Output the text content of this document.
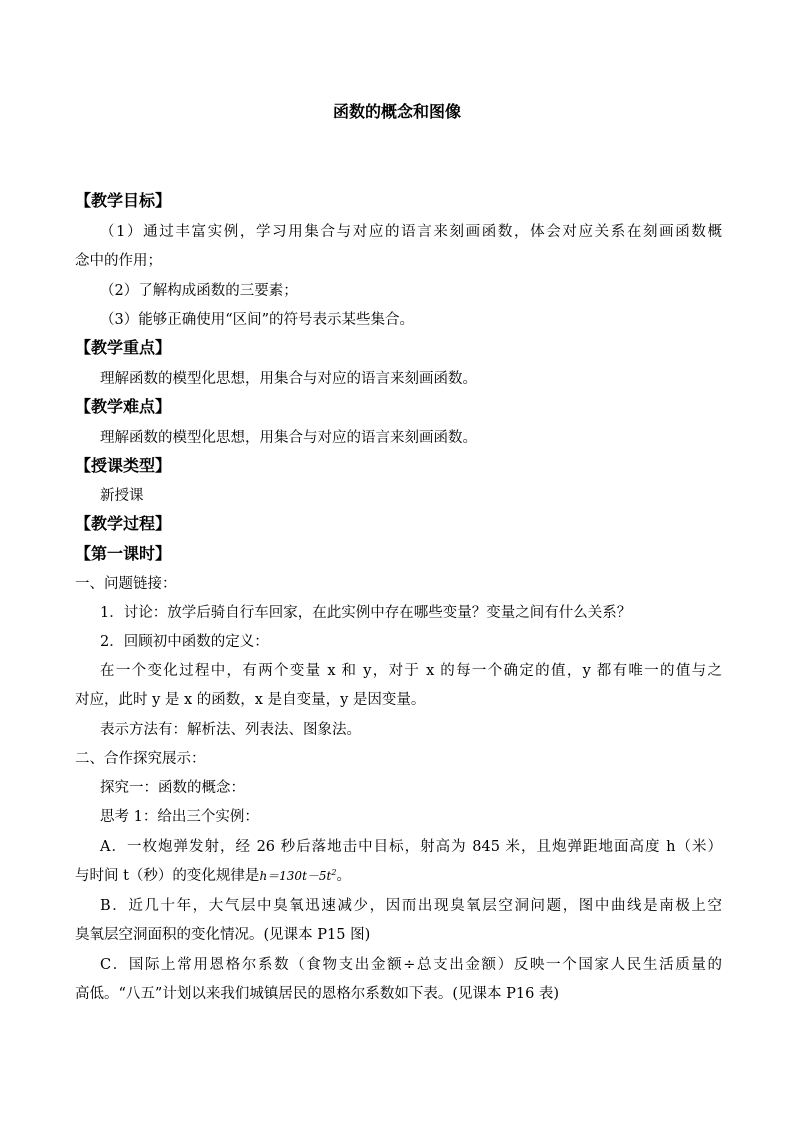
函数的概念和图像
【教学目标】
（1）通过丰富实例，学习用集合与对应的语言来刻画函数，体会对应关系在刻画函数概
念中的作用；
（2）了解构成函数的三要素；
（3）能够正确使用“区间”的符号表示某些集合。
【教学重点】
理解函数的模型化思想，用集合与对应的语言来刻画函数。
【教学难点】
理解函数的模型化思想，用集合与对应的语言来刻画函数。
【授课类型】
新授课
【教学过程】
【第一课时】
一、问题链接：
1．讨论：放学后骑自行车回家，在此实例中存在哪些变量？变量之间有什么关系？
2．回顾初中函数的定义：
在一个变化过程中，有两个变量 x 和 y，对于 x 的每一个确定的值，y 都有唯一的值与之
对应，此时 y 是 x 的函数，x 是自变量，y 是因变量。
表示方法有：解析法、列表法、图象法。
二、合作探究展示：
探究一：函数的概念：
思考 1：给出三个实例：
A．一枚炮弹发射，经 26 秒后落地击中目标，射高为 845 米，且炮弹距地面高度 h（米）
与时间 t（秒）的变化规律是$h=130t-5t^2$。
B．近几十年，大气层中臭氧迅速减少，因而出现臭氧层空洞问题，图中曲线是南极上空
臭氧层空洞面积的变化情况。(见课本 P15 图)
C．国际上常用恩格尔系数（食物支出金额÷总支出金额）反映一个国家人民生活质量的
高低。“八五”计划以来我们城镇居民的恩格尔系数如下表。(见课本 P16 表)
